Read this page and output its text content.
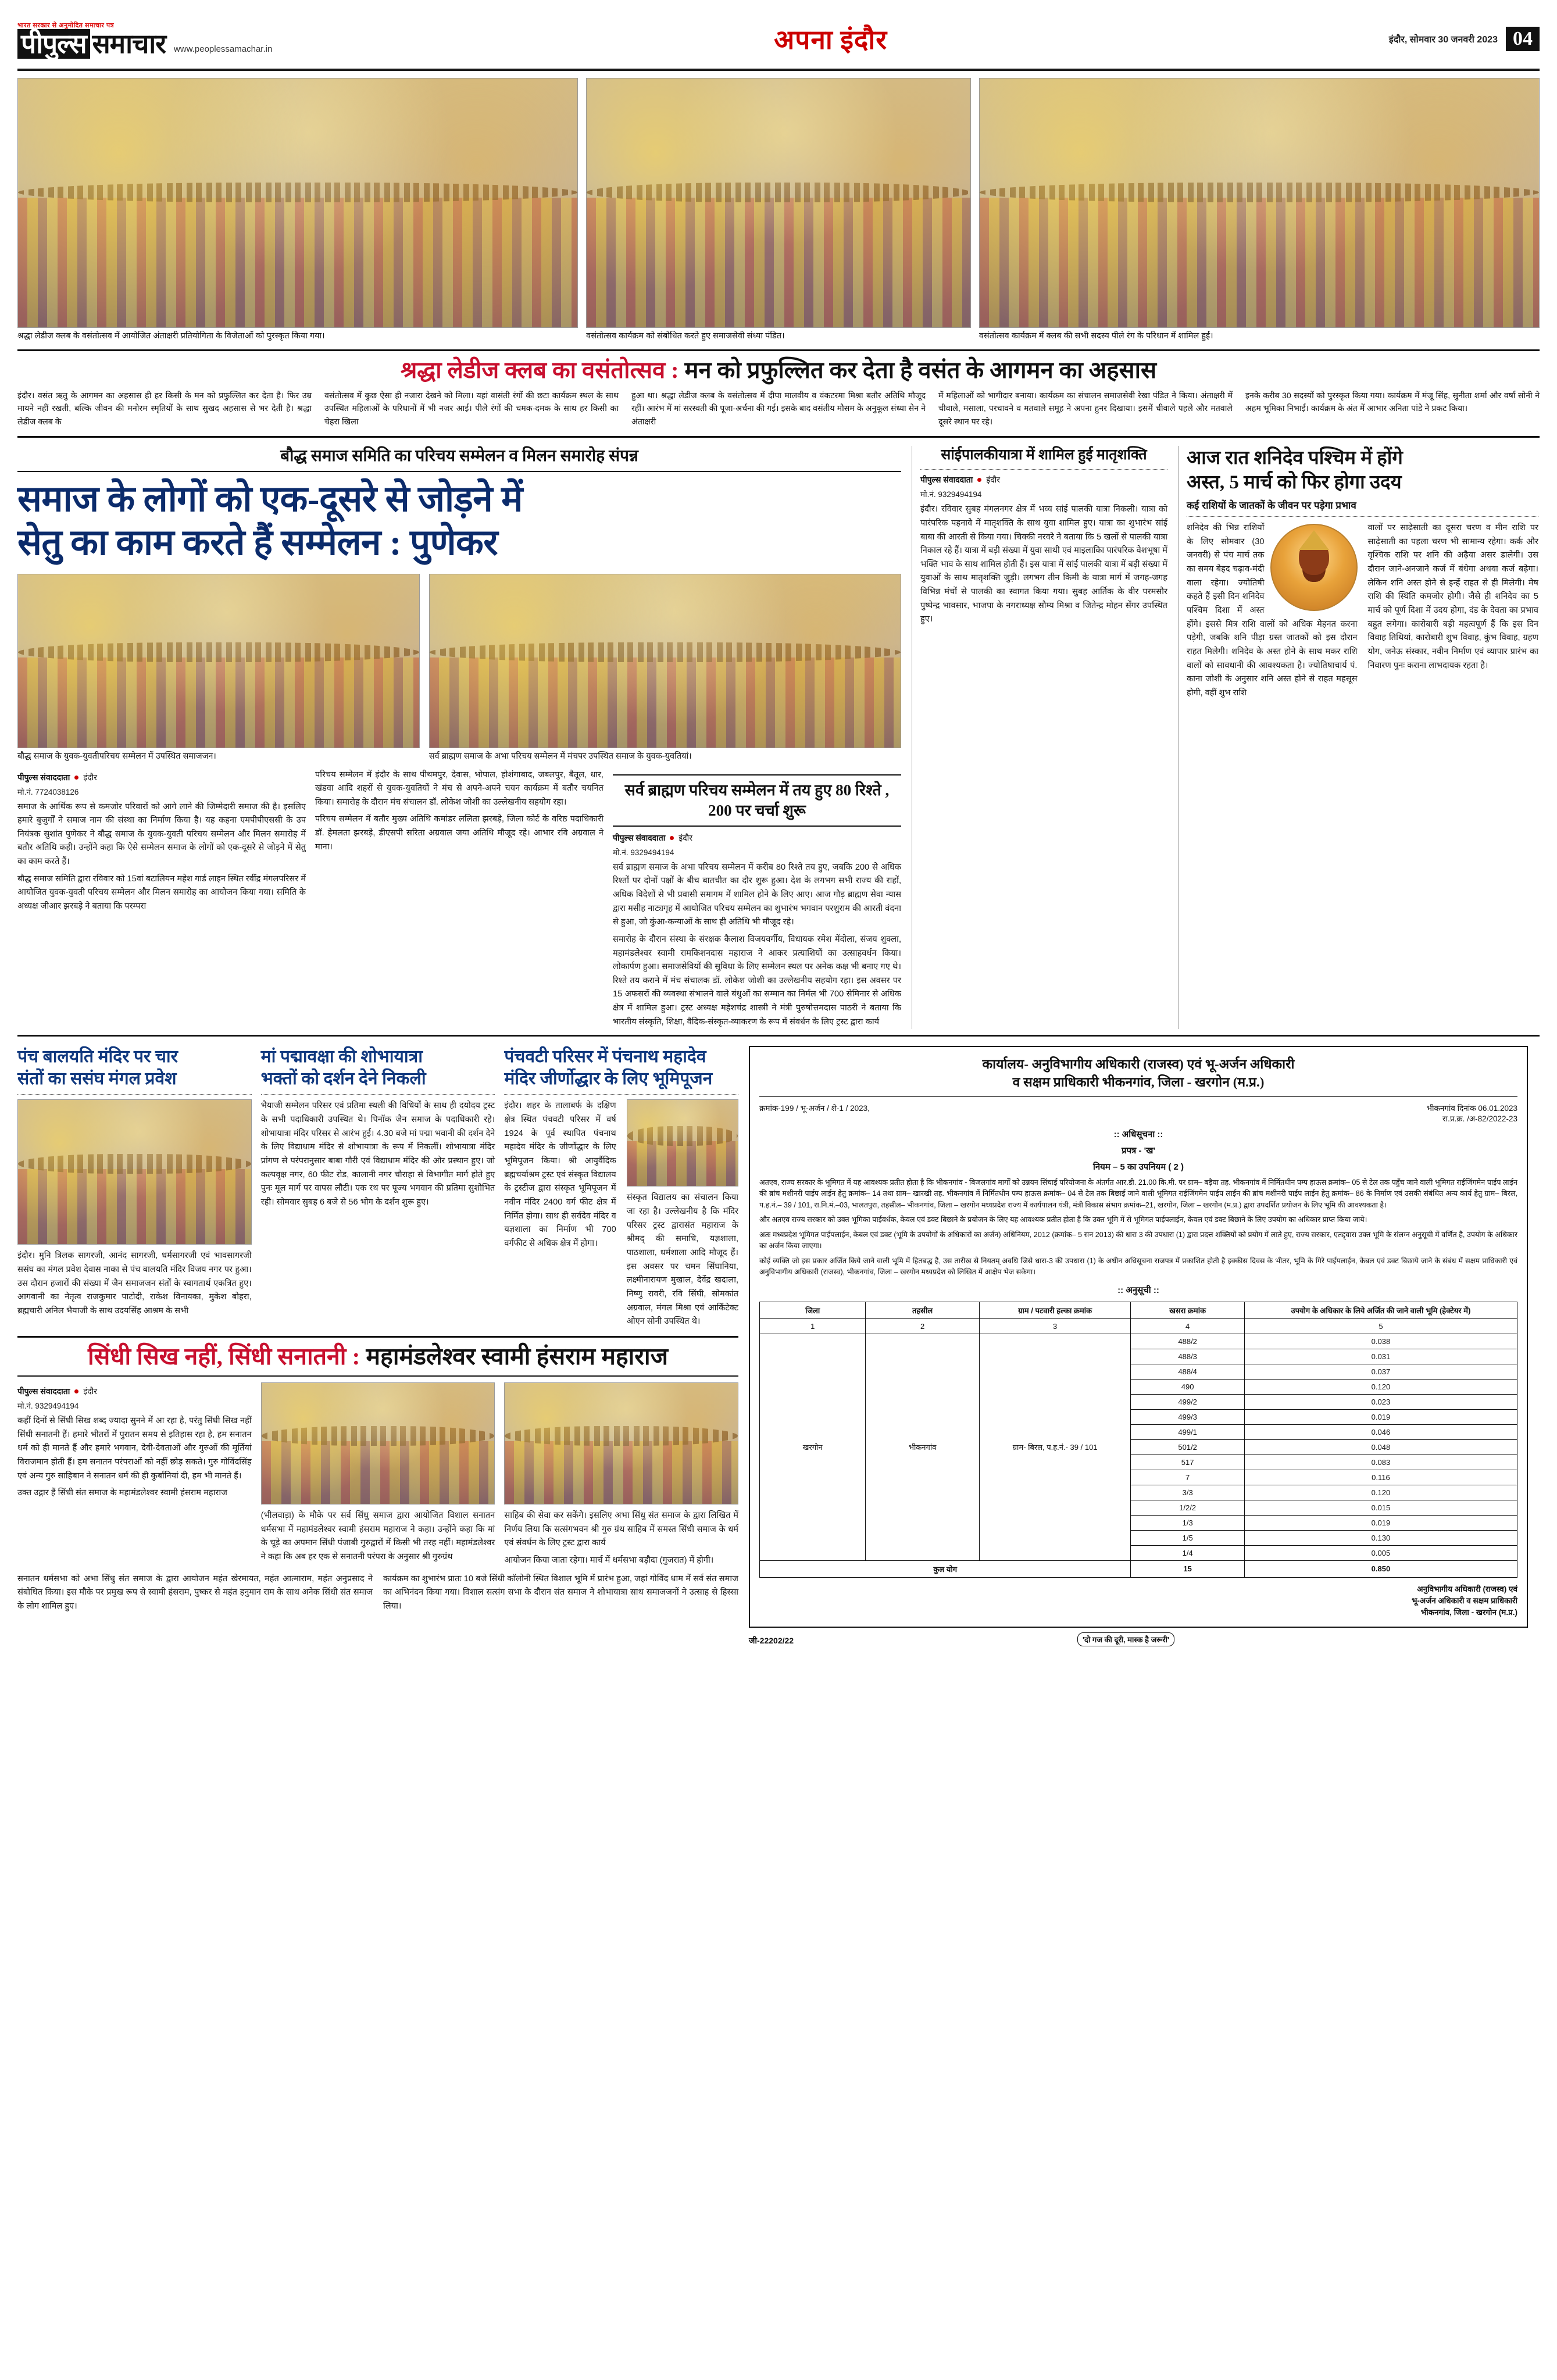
भारत सरकार से अनुमोदित समाचार पत्र
पीपुल्स समाचार www.peoplessamachar.in	अपना इंदौर	इंदौर, सोमवार 30 जनवरी 2023 04
श्रद्धा लेडीज क्लब के वसंतोत्सव में आयोजित अंताक्षरी प्रतियोगिता के विजेताओं को पुरस्कृत किया गया।	वसंतोत्सव कार्यक्रम को संबोधित करते हुए समाजसेवी संध्या पंडित।	वसंतोत्सव कार्यक्रम में क्लब की सभी सदस्य पीले रंग के परिधान में शामिल हुईं।
श्रद्धा लेडीज क्लब का वसंतोत्सव : मन को प्रफुल्लित कर देता है वसंत के आगमन का अहसास
इंदौर। वसंत ऋतु के आगमन का अहसास ही हर किसी के मन को प्रफुल्लित कर देता है। फिर उम्र मायने नहीं रखती, बल्कि जीवन की मनोरम स्मृतियों के साथ सुखद अहसास से भर देती है। श्रद्धा लेडीज क्लब के
वसंतोत्सव में कुछ ऐसा ही नजारा देखने को मिला। यहां वासंती रंगों की छटा कार्यक्रम स्थल के साथ उपस्थित महिलाओं के परिधानों में भी नजर आई। पीले रंगों की चमक-दमक के साथ हर किसी का चेहरा खिला
हुआ था। श्रद्धा लेडीज क्लब के वसंतोत्सव में दीपा मालवीय व वंकटरमा मिश्रा बतौर अतिथि मौजूद रहीं। आरंभ में मां सरस्वती की पूजा-अर्चना की गई। इसके बाद वसंतीय मौसम के अनुकूल संध्या सेन ने अंताक्षरी
में महिलाओं को भागीदार बनाया। कार्यक्रम का संचालन समाजसेवी रेखा पंडित ने किया। अंताक्षरी में चीवाले, मसाला, परचावने व मतवाले समूह ने अपना हुनर दिखाया। इसमें चीवाले पहले और मतवाले दूसरे स्थान पर रहे।
इनके करीब 30 सदस्यों को पुरस्कृत किया गया। कार्यक्रम में मंजू सिंह, सुनीता शर्मा और वर्षा सोनी ने अहम भूमिका निभाई। कार्यक्रम के अंत में आभार अनिता पांडे ने प्रकट किया।
बौद्ध समाज समिति का परिचय सम्मेलन व मिलन समारोह संपन्न
समाज के लोगों को एक-दूसरे से जोड़ने में
सेतु का काम करते हैं सम्मेलन : पुणेकर
बौद्ध समाज के युवक-युवतीपरिचय सम्मेलन में उपस्थित समाजजन।	सर्व ब्राह्मण समाज के अभा परिचय सम्मेलन में मंचपर उपस्थित समाज के युवक-युवतियां।
पीपुल्स संवाददाता इंदौर
मो.नं. 7724038126
समाज के आर्थिक रूप से कमजोर परिवारों को आगे लाने की जिम्मेदारी समाज की है। इसलिए हमारे बुजुर्गों ने समाज नाम की संस्था का निर्माण किया है। यह कहना एमपीपीएससी के उप नियंत्रक सुशांत पुणेकर ने बौद्ध समाज के युवक-युवती परिचय सम्मेलन और मिलन समारोह में बतौर अतिथि कही। उन्होंने कहा कि ऐसे सम्मेलन समाज के लोगों को एक-दूसरे से जोड़ने में सेतु का काम करते हैं।
बौद्ध समाज समिति द्वारा रविवार को 15वां बटालियन महेश गार्ड लाइन स्थित रवींद्र मंगलपरिसर में आयोजित युवक-युवती परिचय सम्मेलन और मिलन समारोह का आयोजन किया गया। समिति के अध्यक्ष जीआर झरबड़े ने बताया कि परम्परा
परिचय सम्मेलन में इंदौर के साथ पीथमपुर, देवास, भोपाल, होशंगाबाद, जबलपुर, बैतूल, धार, खंडवा आदि शहरों से युवक-युवतियों ने मंच से अपने-अपने चयन कार्यक्रम में बतौर चयनित किया। समारोह के दौरान मंच संचालन डॉ. लोकेश जोशी का उल्लेखनीय सहयोग रहा।
परिचय सम्मेलन में बतौर मुख्य अतिथि कमांडर ललिता झरबड़े, जिला कोर्ट के वरिष्ठ पदाधिकारी डॉ. हेमलता झरबड़े, डीएसपी सरिता अग्रवाल जया अतिथि मौजूद रहे। आभार रवि अग्रवाल ने माना।
सर्व ब्राह्मण परिचय सम्मेलन में तय हुए 80 रिश्ते , 200 पर चर्चा शुरू
पीपुल्स संवाददाता इंदौर
मो.नं. 9329494194
सर्व ब्राह्मण समाज के अभा परिचय सम्मेलन में करीब 80 रिश्ते तय हुए, जबकि 200 से अधिक रिश्तों पर दोनों पक्षों के बीच बातचीत का दौर शुरू हुआ। देश के लगभग सभी राज्य की राहों, अधिक विदेशों से भी प्रवासी समागम में शामिल होने के लिए आए। आज गौड़ ब्राह्मण सेवा न्यास द्वारा मसीह नाट्यगृह में आयोजित परिचय सम्मेलन का शुभारंभ भगवान परशुराम की आरती वंदना से हुआ, जो कुंआ-कन्याओं के साथ ही अतिथि भी मौजूद रहे।
समारोह के दौरान संस्था के संरक्षक कैलाश विजयवर्गीय, विधायक रमेश मेंदोला, संजय शुक्ला, महामंडलेश्वर स्वामी रामकिशनदास महाराज ने आकर प्रत्याशियों का उत्साहवर्धन किया। लोकार्पण हुआ। समाजसेवियों की सुविधा के लिए सम्मेलन स्थल पर अनेक कक्ष भी बनाए गए थे। रिश्ते तय कराने में मंच संचालक डॉ. लोकेश जोशी का उल्लेखनीय सहयोग रहा। इस अवसर पर 15 अफसरों की व्यवस्था संभालने वाले बंधुओं का सम्मान का निर्मल भी 700 सेमिनार से अधिक क्षेत्र में शामिल हुआ। ट्रस्ट अध्यक्ष महेशचंद्र शास्त्री ने मंत्री पुरुषोत्तमदास पाठरी ने बताया कि भारतीय संस्कृति, शिक्षा, वैदिक-संस्कृत-व्याकरण के रूप में संवर्धन के लिए ट्रस्ट द्वारा कार्य
सांईपालकीयात्रा में शामिल हुई मातृशक्ति
पीपुल्स संवाददाता इंदौर
मो.नं. 9329494194
इंदौर। रविवार सुबह मंगलनगर क्षेत्र में भव्य सांई पालकी यात्रा निकली। यात्रा को पारंपरिक पहनावे में मातृशक्ति के साथ युवा शामिल हुए। यात्रा का शुभारंभ सांई बाबा की आरती से किया गया। चिक्की नरवरे ने बताया कि 5 खलों से पालकी यात्रा निकाल रहे हैं। यात्रा में बड़ी संख्या में युवा साथी एवं माइलाकिा पारंपरिक वेशभूषा में भक्ति भाव के साथ शामिल होती हैं। इस यात्रा में सांई पालकी यात्रा में बड़ी संख्या में युवाओं के साथ मातृशक्ति जुड़ी। लगभग तीन किमी के यात्रा मार्ग में जगह-जगह विभिन्न मंचों से पालकी का स्वागत किया गया। सुबह आर्तिक के वीर परमसौर पुष्पेन्द्र भावसार, भाजपा के नगराध्यक्ष सौम्य मिश्रा व जितेन्द्र मोहन सेंगर उपस्थित हुए।
आज रात शनिदेव पश्चिम में होंगे
अस्त, 5 मार्च को फिर होगा उदय
कई राशियों के जातकों के जीवन पर पड़ेगा प्रभाव
शनिदेव की भिन्न राशियों के लिए सोमवार (30 जनवरी) से पंच मार्च तक का समय बेहद चढ़ाव-मंदी वाला रहेगा। ज्योतिषी कहते हैं इसी दिन शनिदेव पश्चिम दिशा में अस्त होंगे। इससे मित्र राशि वालों को अधिक मेहनत करना पड़ेगी, जबकि शनि पीड़ा ग्रस्त जातकों को इस दौरान राहत मिलेगी। शनिदेव के अस्त होने के साथ मकर राशि वालों को सावधानी की आवश्यकता है। ज्योतिषाचार्य पं. काना जोशी के अनुसार शनि अस्त होने से राहत महसूस होगी, वहीं शुभ राशि
वालों पर साढ़ेसाती का दूसरा चरण व मीन राशि पर साढ़ेसाती का पहला चरण भी सामान्य रहेगा। कर्क और वृश्चिक राशि पर शनि की अढ़ैया असर डालेगी। उस दौरान जाने-अनजाने कर्ज में बंधेगा अथवा कर्ज बढ़ेगा। लेकिन शनि अस्त होने से इन्हें राहत से ही मिलेगी। मेष राशि की स्थिति कमजोर होगी। जैसे ही शनिदेव का 5 मार्च को पूर्ण दिशा में उदय होगा, दंड के देवता का प्रभाव बहुत लगेगा। कारोबारी बड़ी महत्वपूर्ण हैं कि इस दिन विवाह तिथियां, कारोबारी शुभ विवाह, कुंभ विवाह, ग्रहण योग, जनेऊ संस्कार, नवीन निर्माण एवं व्यापार प्रारंभ का निवारण पुनः कराना लाभदायक रहता है।
पंच बालयति मंदिर पर चार
संतों का ससंघ मंगल प्रवेश
इंदौर। मुनि त्रिलक सागरजी, आनंद सागरजी, धर्मसागरजी एवं भावसागरजी ससंघ का मंगल प्रवेश देवास नाका से पंच बालयति मंदिर विजय नगर पर हुआ। उस दौरान हजारों की संख्या में जैन समाजजन संतों के स्वागतार्थ एकत्रित हुए। आगवानी का नेतृत्व राजकुमार पाटोदी, राकेश विनायका, मुकेश बोहरा, ब्रह्मचारी अनिल भैयाजी के साथ उदयसिंह आश्रम के सभी
मां पद्मावक्षा की शोभायात्रा
भक्तों को दर्शन देने निकली
भैयाजी सम्मेलन परिसर एवं प्रतिमा स्थली की विधियों के साथ ही दयोदय ट्रस्ट के सभी पदाधिकारी उपस्थित थे। पिनॉक जैन समाज के पदाधिकारी रहे। शोभायात्रा मंदिर परिसर से आरंभ हुई। 4.30 बजे मां पद्मा भवानी की दर्शन देने के लिए विद्याधाम मंदिर से शोभायात्रा के रूप में निकलीं। शोभायात्रा मंदिर प्रांगण से परंपरानुसार बाबा गौरी एवं विद्याधाम मंदिर की ओर प्रस्थान हुए। जो कल्पवृक्ष नगर, 60 फीट रोड, कालानी नगर चौराहा से विभागीत मार्ग होते हुए पुनः मूल मार्ग पर वापस लौटी। एक रथ पर पूज्य भगवान की प्रतिमा सुशोभित रही। सोमवार सुबह 6 बजे से 56 भोग के दर्शन शुरू हुए।
पंचवटी परिसर में पंचनाथ महादेव
मंदिर जीर्णोद्धार के लिए भूमिपूजन
इंदौर। शहर के तालाबर्फ के दक्षिण क्षेत्र स्थित पंचवटी परिसर में वर्ष 1924 के पूर्व स्थापित पंचनाथ महादेव मंदिर के जीर्णोद्धार के लिए भूमिपूजन किया। श्री आयुर्वैदिक ब्रह्मचर्याश्रम ट्रस्ट एवं संस्कृत विद्यालय के ट्रस्टीज द्वारा संस्कृत भूमिपूजन में नवीन मंदिर 2400 वर्ग फीट क्षेत्र में निर्मित होगा। साथ ही सर्वदेव मंदिर व यज्ञशाला का निर्माण भी 700 वर्गफीट से अधिक क्षेत्र में होगा।
संस्कृत विद्यालय का संचालन किया जा रहा है। उल्लेखनीय है कि मंदिर परिसर ट्रस्ट द्वारासंत महाराज के श्रीमद् की समाधि, यज्ञशाला, पाठशाला, धर्मशाला आदि मौजूद हैं। इस अवसर पर चमन सिंघानिया, लक्ष्मीनारायण मुखाल, देवेंद्र खदाला, निष्णु रावरी, रवि सिंघी, सोमकांत अग्रवाल, मंगल मिश्रा एवं आर्किटेक्ट ओएन सोनी उपस्थित थे।
सिंधी सिख नहीं, सिंधी सनातनी : महामंडलेश्वर स्वामी हंसराम महाराज
पीपुल्स संवाददाता इंदौर
मो.नं. 9329494194
कहीं दिनों से सिंधी सिख शब्द ज्यादा सुनने में आ रहा है, परंतु सिंधी सिख नहीं सिंधी सनातनी हैं। हमारे भीतरों में पुरातन समय से इतिहास रहा है, हम सनातन धर्म को ही मानते हैं और हमारे भगवान, देवी-देवताओं और गुरुओं की मूर्तियां विराजमान होती हैं। हम सनातन परंपराओं को नहीं छोड़ सकते। गुरु गोविंदसिंह एवं अन्य गुरु साहिबान ने सनातन धर्म की ही कुर्बानियां दी, हम भी मानते हैं।
उक्त उद्गार हैं सिंधी संत समाज के महामंडलेश्वर स्वामी हंसराम महाराज
(भीलवाड़ा) के मौके पर सर्व सिंधु समाज द्वारा आयोजित विशाल सनातन धर्मसभा में महामंडलेश्वर स्वामी हंसराम महाराज ने कहा। उन्होंने कहा कि मां के चूड़े का अपमान सिंधी पंजाबी गुरुद्वारों में किसी भी तरह नहीं। महामंडलेश्वर ने कहा कि अब हर एक से सनातनी परंपरा के अनुसार श्री गुरुग्रंथ
साहिब की सेवा कर सकेंगे। इसलिए अभा सिंधु संत समाज के द्वारा लिखित में निर्णय लिया कि सत्संगभवन श्री गुरु ग्रंथ साहिब में समस्त सिंधी समाज के धर्म एवं संवर्धन के लिए ट्रस्ट द्वारा कार्य
आयोजन किया जाता रहेगा। मार्च में धर्मसभा बड़ौदा (गुजरात) में होगी।
सनातन धर्मसभा को अभा सिंधु संत समाज के द्वारा आयोजन महंत खेरमायत, महंत आत्माराम, महंत अनुप्रसाद ने संबोधित किया। इस मौके पर प्रमुख रूप से स्वामी हंसराम, पुष्कर से महंत हनुमान राम के साथ अनेक सिंधी संत समाज के लोग शामिल हुए।
कार्यक्रम का शुभारंभ प्रातः 10 बजे सिंधी कॉलोनी स्थित विशाल भूमि में प्रारंभ हुआ, जहां गोविंद धाम में सर्व संत समाज का अभिनंदन किया गया। विशाल सत्संग सभा के दौरान संत समाज ने शोभायात्रा साथ समाजजनों ने उत्साह से हिस्सा लिया।
कार्यालय- अनुविभागीय अधिकारी (राजस्व) एवं भू-अर्जन अधिकारी
व सक्षम प्राधिकारी भीकनगांव, जिला - खरगोन (म.प्र.)
क्रमांक-199 / भू-अर्जन / शे-1 / 2023,	भीकनगांव दिनांक 06.01.2023
रा.प्र.क्र. /अ-82/2022-23
:: अधिसूचना ::
प्रपत्र - 'ख'
नियम – 5 का उपनियम ( 2 )

अतएव, राज्य सरकार के भूमिगत में यह आवश्यक प्रतीत होता है कि भीकनगांव - बिजलगांव मार्गों को उन्नयन सिंचाई परियोजना के अंतर्गत आर.डी. 21.00 कि.मी. पर ग्राम– बड़ैया तह. भीकनगांव में निर्मितधीन पम्प हाऊस क्रमांक– 05 से टेल तक पहुँच जाने वाली भूमिगत राईजिंगमेन पाईप लाईन की ब्रांच मशीनरी पाईप लाईन हेतु क्रमांक– 14 तथा ग्राम– खारखी तह. भीकनगांव में निर्मितधीन पम्प हाऊस क्रमांक– 04 से टेल तक बिछाई जाने वाली भूमिगत राईजिंगमेन पाईप लाईन की ब्रांच मशीनरी पाईप लाईन हेतु क्रमांक– 86 के निर्माण एवं उसकी संबंधित अन्य कार्य हेतु ग्राम– बिरल, प.ह.नं.– 39 / 101, रा.नि.मं.–03, भालतपुरा, तहसील– भीकनगांव, जिला – खरगोन मध्यप्रदेश राज्य में कार्यपालन यंत्री, मंत्री विकास संभाग क्रमांक–21, खरगोन, जिला – खरगोन (म.प्र.) द्वारा उपदर्शित प्रयोजन के लिए भूमि की आवश्यकता है।

और अतएव राज्य सरकार को उक्त भूमिका पाईवर्धक, केवल एवं डक्ट बिछाने के प्रयोजन के लिए यह आवश्यक प्रतीत होता है कि उक्त भूमि में से भूमिगत पाईपलाईन, केवल एवं डक्ट बिछाने के लिए उपयोग का अधिकार प्राप्त किया जाये।

अतः मध्यप्रदेश भूमिगत पाईपलाईन, केबल एवं डक्ट (भूमि के उपयोगों के अधिकारों का अर्जन) अधिनियम, 2012 (क्रमांक– 5 सन 2013) की धारा 3 की उपधारा (1) द्वारा प्रदत्त शक्तियों को प्रयोग में लाते हुए, राज्य सरकार, एतद्द्वारा उक्त भूमि के संलग्न अनुसूची में वर्णित है, उपयोग के अधिकार का अर्जन किया जाएगा।

कोई व्यक्ति जो इस प्रकार अर्जित किये जाने वाली भूमि में हितबद्ध है, उस तारीख से नियतम् अवधि जिसे धारा-3 की उपधारा (1) के अधीन अधिसूचना राजपत्र में प्रकाशित होती है इक्कीस दिवस के भीतर, भूमि के गिरे पाईपलाईन, केबल एवं डक्ट बिछाये जाने के संबंध में सक्षम प्राधिकारी एवं अनुविभागीय अधिकारी (राजस्व), भीकनगांव, जिला – खरगोन मध्यप्रदेश को लिखित में आक्षेप भेज सकेगा।

:: अनुसूची ::
जिला	तहसील	ग्राम / पटवारी हल्का क्रमांक	खसरा क्रमांक	उपयोग के अधिकार के लिये अर्जित की जाने वाली भूमि (हेक्टेयर में)
1	2	3	4	5
खरगोन	भीकनगांव	ग्राम- बिरल, प.ह.नं.- 39 / 101	488/2	0.038
			488/3	0.031
			488/4	0.037
			490	0.120
			499/2	0.023
			499/3	0.019
			499/1	0.046
			501/2	0.048
			517	0.083
			7	0.116
			3/3	0.120
			1/2/2	0.015
			1/3	0.019
			1/5	0.130
			1/4	0.005
कुल योग			15	0.850
अनुविभागीय अधिकारी (राजस्व) एवं
भू-अर्जन अधिकारी व सक्षम प्राधिकारी
भीकनगांव, जिला - खरगोन (म.प्र.)
जी-22202/22	'दो गज की दूरी, मास्क है जरूरी'
